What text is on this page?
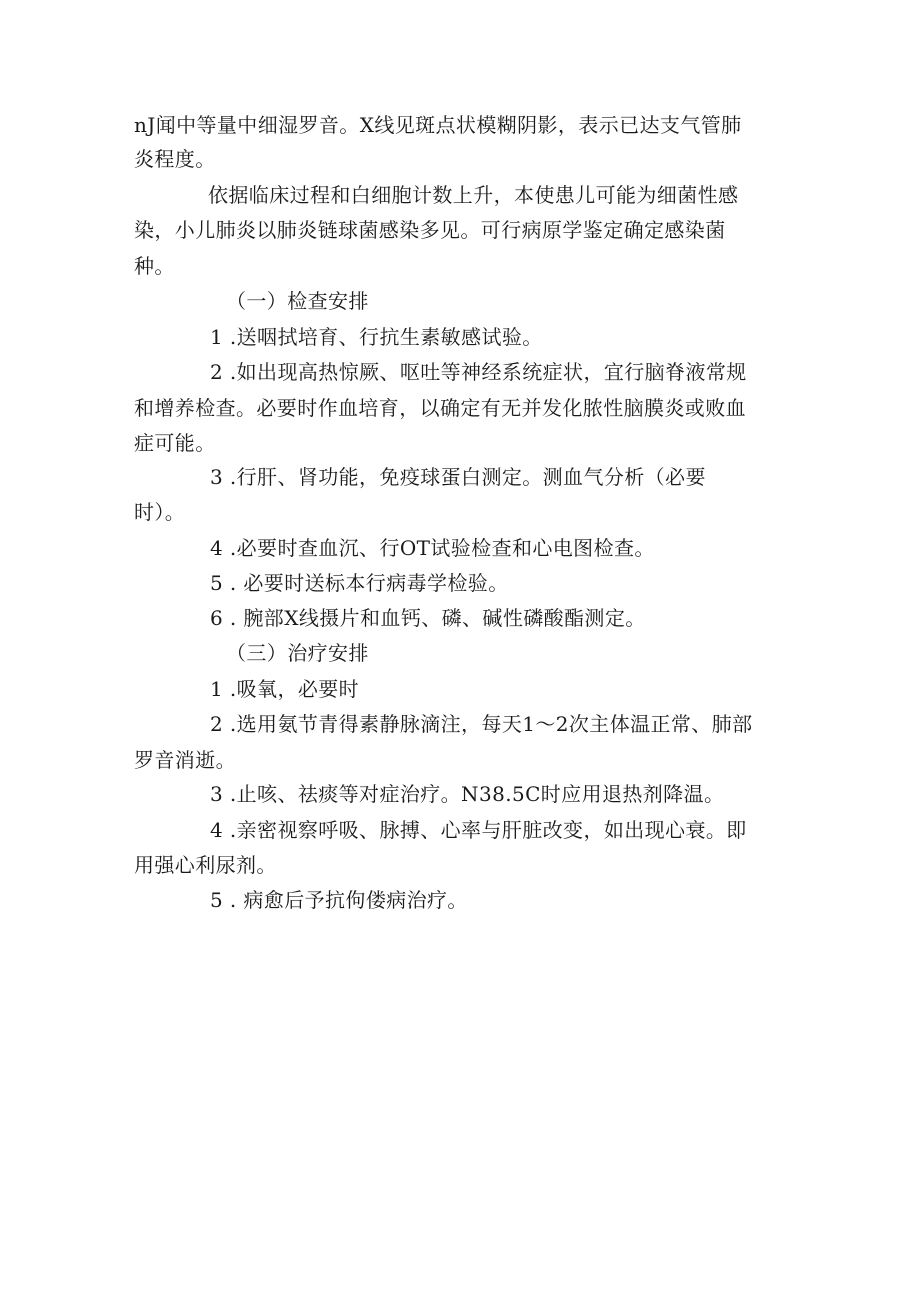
nJ闻中等量中细湿罗音。X线见斑点状模糊阴影，表示已达支气管肺
炎程度。
依据临床过程和白细胞计数上升，本使患儿可能为细菌性感
染，小儿肺炎以肺炎链球菌感染多见。可行病原学鉴定确定感染菌
种。
（一）检查安排
1 .送咽拭培育、行抗生素敏感试验。
2 .如出现高热惊厥、呕吐等神经系统症状，宜行脑脊液常规
和增养检查。必要时作血培育，以确定有无并发化脓性脑膜炎或败血
症可能。
3 .行肝、肾功能，免疫球蛋白测定。测血气分析（必要
时）。
4 .必要时查血沉、行OT试验检查和心电图检查。
5 . 必要时送标本行病毒学检验。
6 . 腕部X线摄片和血钙、磷、碱性磷酸酯测定。
（三）治疗安排
1 .吸氧，必要时
2 .选用氨节青得素静脉滴注，每天1～2次主体温正常、肺部
罗音消逝。
3 .止咳、祛痰等对症治疗。N38.5C时应用退热剂降温。
4 .亲密视察呼吸、脉搏、心率与肝脏改变，如出现心衰。即
用强心利尿剂。
5 . 病愈后予抗佝偻病治疗。
